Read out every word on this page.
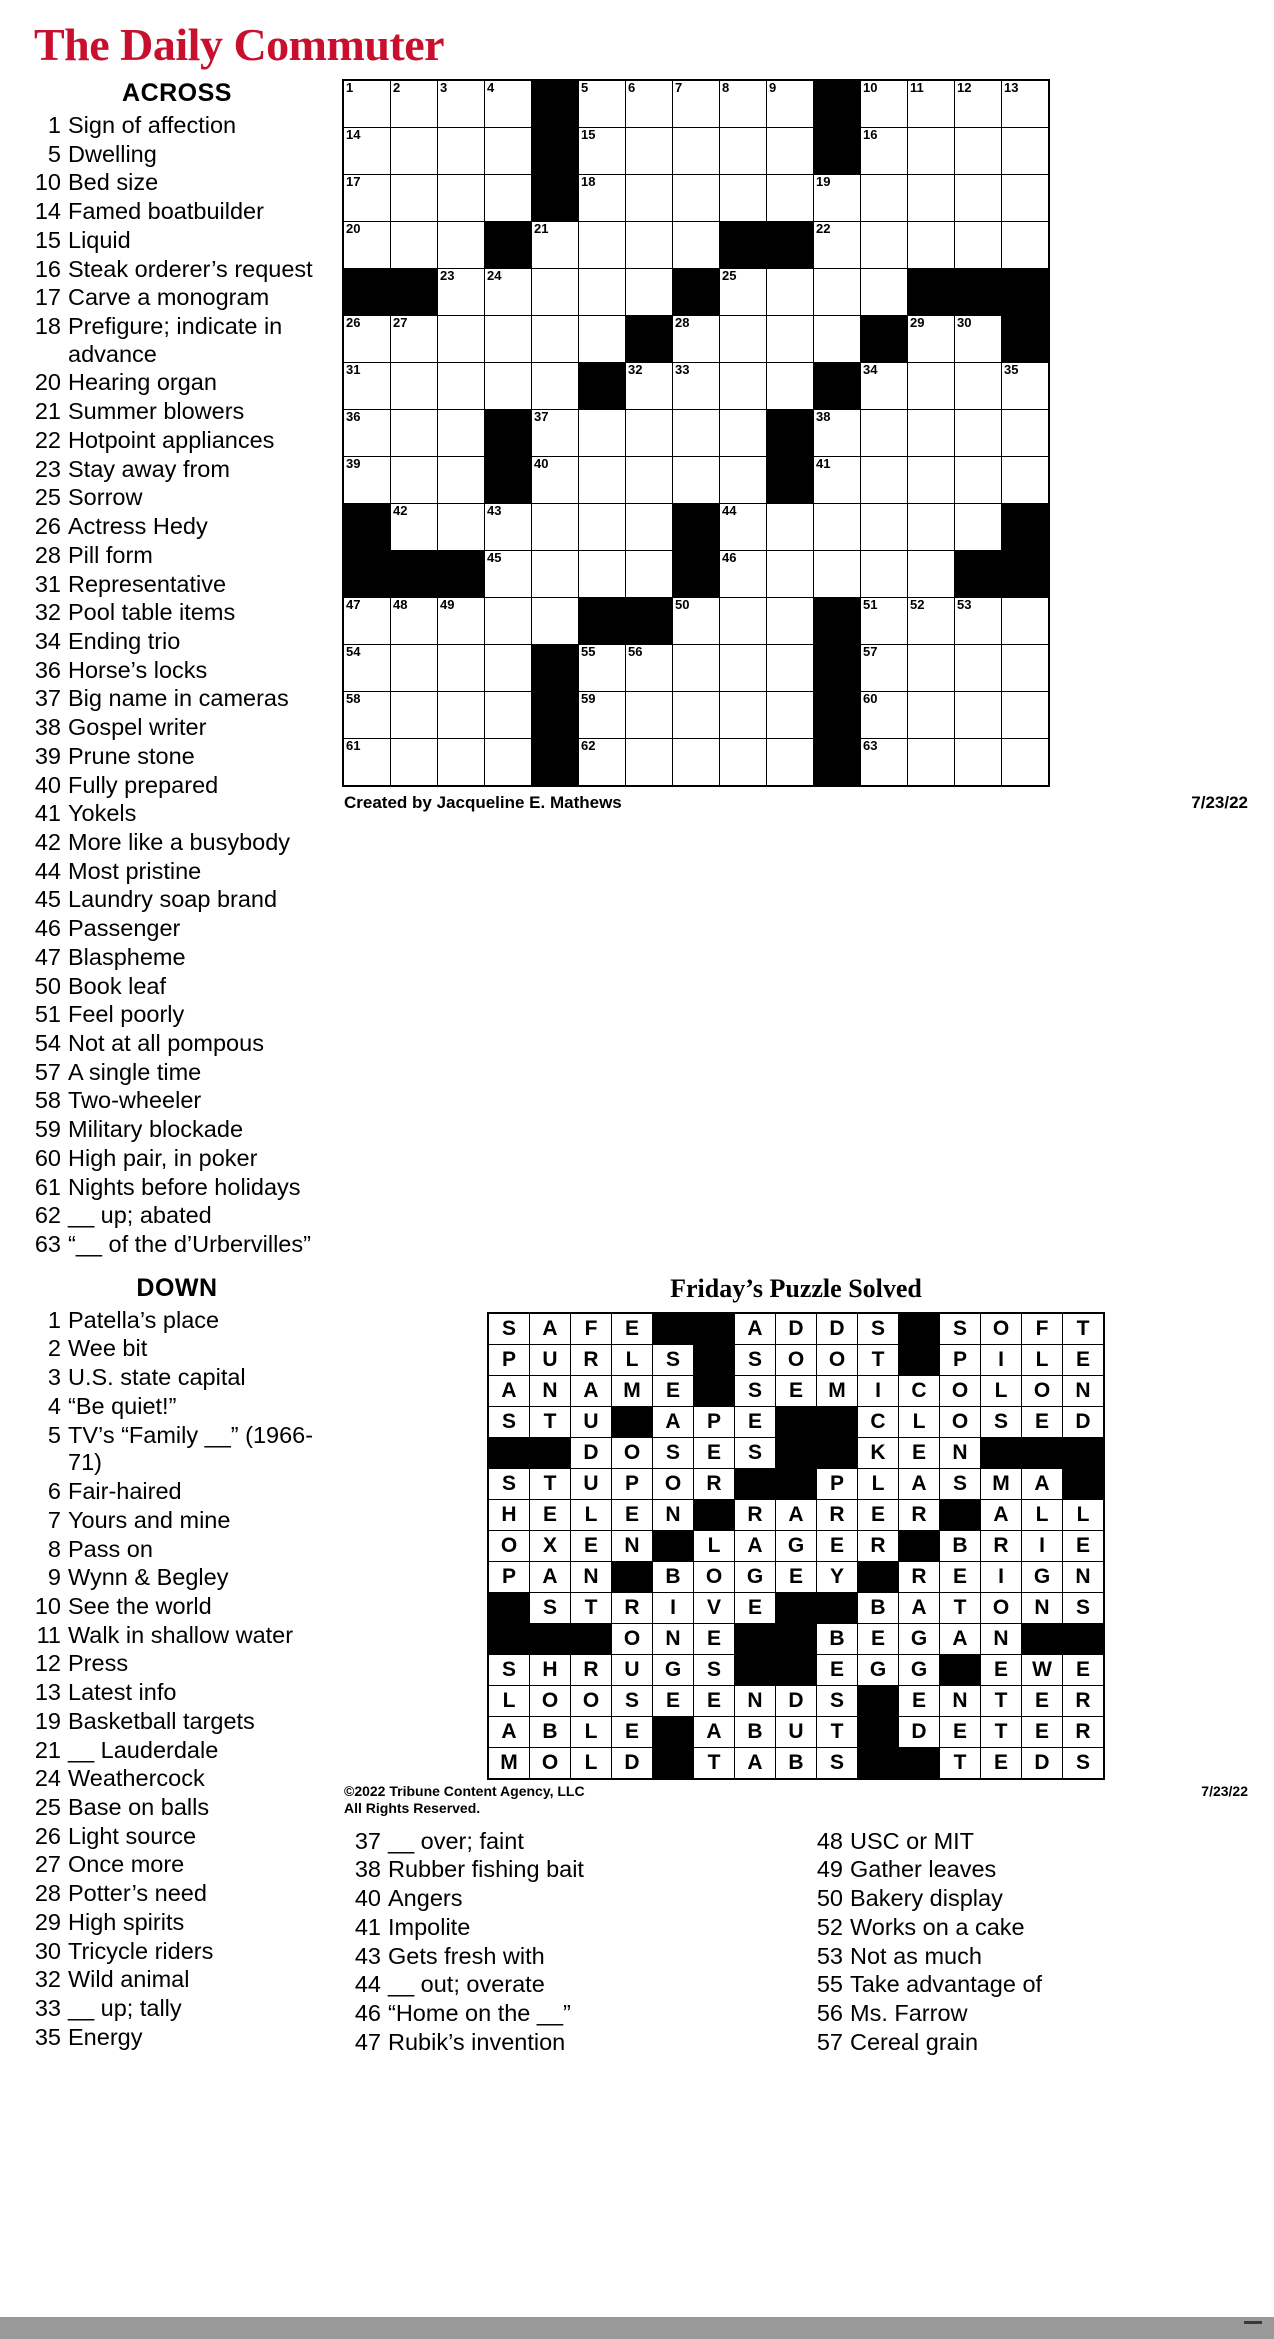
The Daily Commuter
ACROSS
1 Sign of affection
5 Dwelling
10 Bed size
14 Famed boatbuilder
15 Liquid
16 Steak orderer’s request
17 Carve a monogram
18 Prefigure; indicate in advance
20 Hearing organ
21 Summer blowers
22 Hotpoint appliances
23 Stay away from
25 Sorrow
26 Actress Hedy
28 Pill form
31 Representative
32 Pool table items
34 Ending trio
36 Horse’s locks
37 Big name in cameras
38 Gospel writer
39 Prune stone
40 Fully prepared
41 Yokels
42 More like a busybody
44 Most pristine
45 Laundry soap brand
46 Passenger
47 Blaspheme
50 Book leaf
51 Feel poorly
54 Not at all pompous
57 A single time
58 Two-wheeler
59 Military blockade
60 High pair, in poker
61 Nights before holidays
62 __ up; abated
63 “__ of the d’Urbervilles”
1	2	3	4		5	6	7	8	9		10	11	12	13

14					15						16			

17					18					19				

20				21						22				

		23	24					25						

26	27						28					29	30	

31						32	33				34			35

36				37						38				

39				40						41				

	42		43					44						

			45					46						

47	48	49					50				51	52	53	

54					55	56					57			

58					59						60			

61					62						63			

Created by Jacqueline E. Mathews	7/23/22
DOWN
1 Patella’s place
2 Wee bit
3 U.S. state capital
4 “Be quiet!”
5 TV’s “Family __” (1966-71)
6 Fair-haired
7 Yours and mine
8 Pass on
9 Wynn & Begley
10 See the world
11 Walk in shallow water
12 Press
13 Latest info
19 Basketball targets
21 __ Lauderdale
24 Weathercock
25 Base on balls
26 Light source
27 Once more
28 Potter’s need
29 High spirits
30 Tricycle riders
32 Wild animal
33 __ up; tally
35 Energy
Friday’s Puzzle Solved
S	A	F	E			A	D	D	S		S	O	F	T
P	U	R	L	S		S	O	O	T		P	I	L	E
A	N	A	M	E		S	E	M	I	C	O	L	O	N
S	T	U		A	P	E			C	L	O	S	E	D
		D	O	S	E	S			K	E	N			
S	T	U	P	O	R			P	L	A	S	M	A	
H	E	L	E	N		R	A	R	E	R		A	L	L
O	X	E	N		L	A	G	E	R		B	R	I	E
P	A	N		B	O	G	E	Y		R	E	I	G	N
	S	T	R	I	V	E			B	A	T	O	N	S
			O	N	E			B	E	G	A	N		
S	H	R	U	G	S			E	G	G		E	W	E
L	O	O	S	E	E	N	D	S		E	N	T	E	R
A	B	L	E		A	B	U	T		D	E	T	E	R
M	O	L	D		T	A	B	S			T	E	D	S
©2022 Tribune Content Agency, LLC
All Rights Reserved.
7/23/22
37 __ over; faint
38 Rubber fishing bait
40 Angers
41 Impolite
43 Gets fresh with
44 __ out; overate
46 “Home on the __”
47 Rubik’s invention
48 USC or MIT
49 Gather leaves
50 Bakery display
52 Works on a cake
53 Not as much
55 Take advantage of
56 Ms. Farrow
57 Cereal grain
